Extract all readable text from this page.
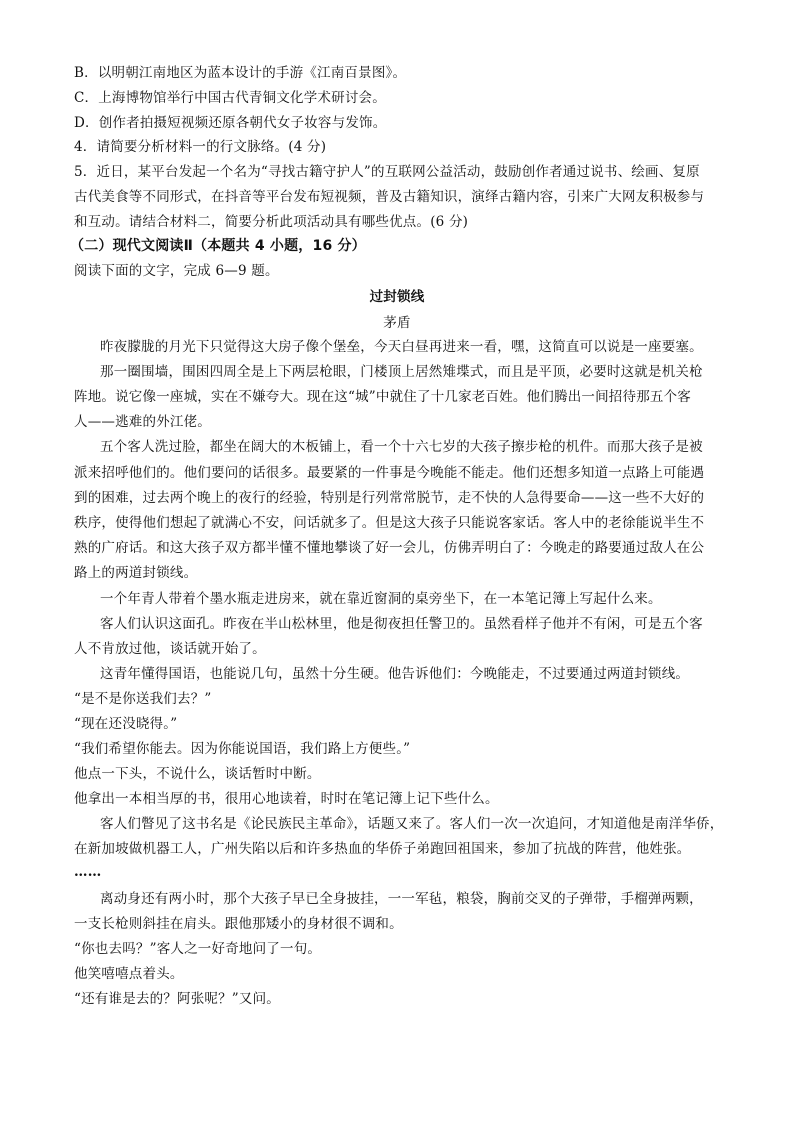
B．以明朝江南地区为蓝本设计的手游《江南百景图》。
C．上海博物馆举行中国古代青铜文化学术研讨会。
D．创作者拍摄短视频还原各朝代女子妆容与发饰。
4．请简要分析材料一的行文脉络。(4 分)
5．近日，某平台发起一个名为“寻找古籍守护人”的互联网公益活动，鼓励创作者通过说书、绘画、复原
古代美食等不同形式，在抖音等平台发布短视频，普及古籍知识，演绎古籍内容，引来广大网友积极参与
和互动。请结合材料二，简要分析此项活动具有哪些优点。(6 分)
（二）现代文阅读Ⅱ（本题共 4 小题，16 分）
阅读下面的文字，完成 6—9 题。
过封锁线
茅盾
昨夜朦胧的月光下只觉得这大房子像个堡垒，今天白昼再进来一看，嘿，这简直可以说是一座要塞。
那一圈围墙，围困四周全是上下两层枪眼，门楼顶上居然雉堞式，而且是平顶，必要时这就是机关枪
阵地。说它像一座城，实在不嫌夸大。现在这“城”中就住了十几家老百姓。他们腾出一间招待那五个客
人——逃难的外江佬。
五个客人洗过脸，都坐在阔大的木板铺上，看一个十六七岁的大孩子擦步枪的机件。而那大孩子是被
派来招呼他们的。他们要问的话很多。最要紧的一件事是今晚能不能走。他们还想多知道一点路上可能遇
到的困难，过去两个晚上的夜行的经验，特别是行列常常脱节，走不快的人急得要命——这一些不大好的
秩序，使得他们想起了就满心不安，问话就多了。但是这大孩子只能说客家话。客人中的老徐能说半生不
熟的广府话。和这大孩子双方都半懂不懂地攀谈了好一会儿，仿佛弄明白了：今晚走的路要通过敌人在公
路上的两道封锁线。
一个年青人带着个墨水瓶走进房来，就在靠近窗洞的桌旁坐下，在一本笔记簿上写起什么来。
客人们认识这面孔。昨夜在半山松林里，他是彻夜担任警卫的。虽然看样子他并不有闲，可是五个客
人不肯放过他，谈话就开始了。
这青年懂得国语，也能说几句，虽然十分生硬。他告诉他们：今晚能走，不过要通过两道封锁线。
“是不是你送我们去？”
“现在还没晓得。”
“我们希望你能去。因为你能说国语，我们路上方便些。”
他点一下头，不说什么，谈话暂时中断。
他拿出一本相当厚的书，很用心地读着，时时在笔记簿上记下些什么。
客人们瞥见了这书名是《论民族民主革命》，话题又来了。客人们一次一次追问，才知道他是南洋华侨，
在新加坡做机器工人，广州失陷以后和许多热血的华侨子弟跑回祖国来，参加了抗战的阵营，他姓张。
……
离动身还有两小时，那个大孩子早已全身披挂，一一军毡，粮袋，胸前交叉的子弹带，手榴弹两颗，
一支长枪则斜挂在肩头。跟他那矮小的身材很不调和。
“你也去吗？”客人之一好奇地问了一句。
他笑嘻嘻点着头。
“还有谁是去的？阿张呢？”又问。
